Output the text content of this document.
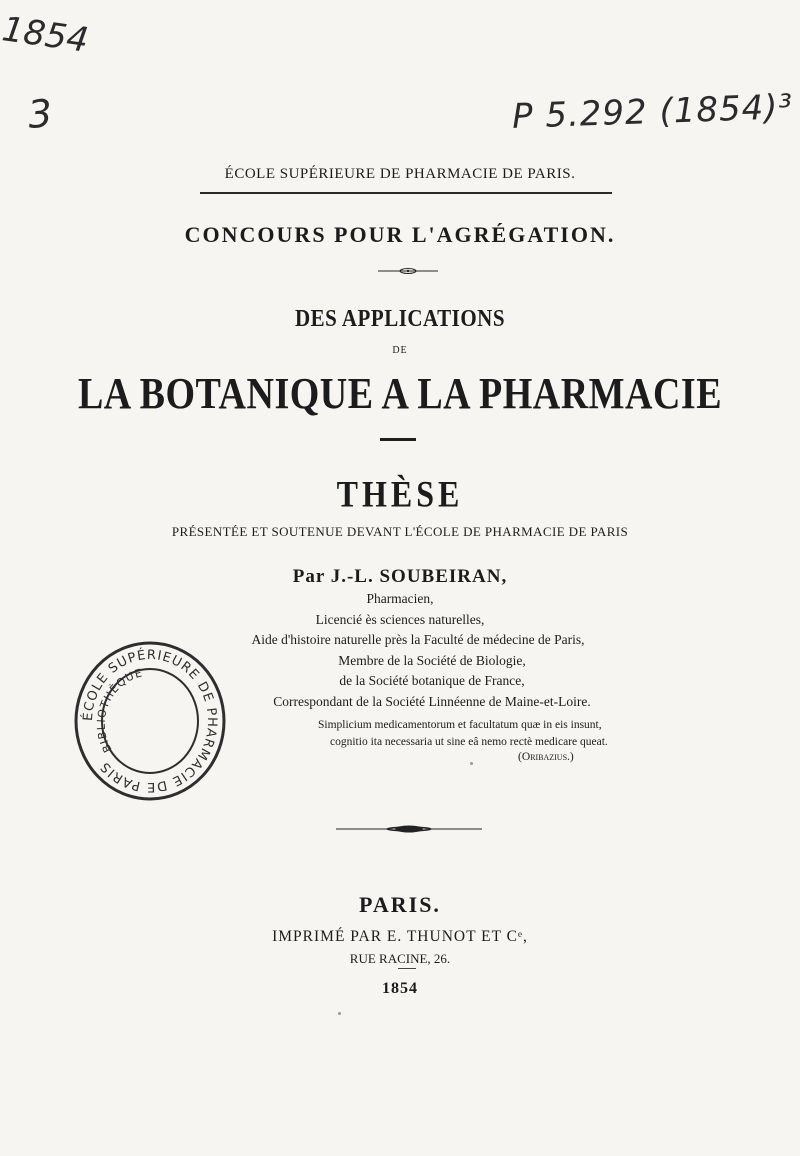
1854
3	P 5.292 (1854)³
ÉCOLE SUPÉRIEURE DE PHARMACIE DE PARIS.
CONCOURS POUR L'AGRÉGATION.
DES APPLICATIONS
DE
LA BOTANIQUE A LA PHARMACIE
THÈSE
PRÉSENTÉE ET SOUTENUE DEVANT L'ÉCOLE DE PHARMACIE DE PARIS
Par J.-L. SOUBEIRAN,
Pharmacien,
Licencié ès sciences naturelles,
Aide d'histoire naturelle près la Faculté de médecine de Paris,
Membre de la Société de Biologie,
de la Société botanique de France,
Correspondant de la Société Linnéenne de Maine-et-Loire.
Simplicium medicamentorum et facultatum quæ in eis insunt,
cognitio ita necessaria ut sine eâ nemo rectè medicare queat.
(Oribazius.)
ÉCOLE SUPÉRIEURE DE PHARMACIE DE PARIS
BIBLIOTHÈQUE
PARIS.
IMPRIMÉ PAR E. THUNOT ET Cᵉ,
RUE RACINE, 26.
1854
